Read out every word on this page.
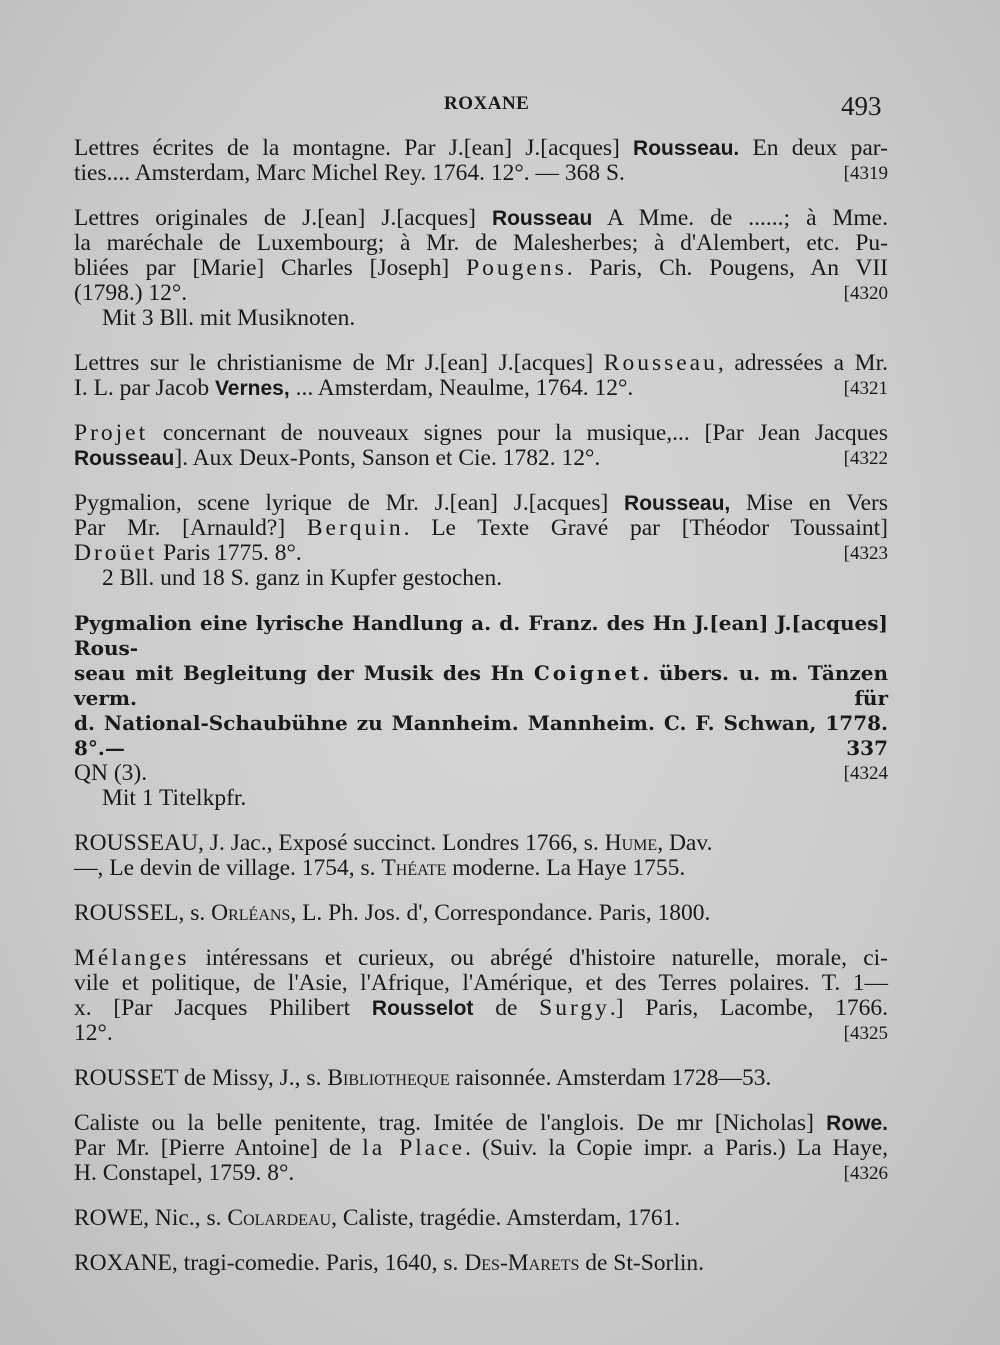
ROXANE	493
Lettres écrites de la montagne. Par J.[ean] J.[acques] Rousseau. En deux par-
ties.... Amsterdam, Marc Michel Rey. 1764. 12°. — 368 S.	[4319
Lettres originales de J.[ean] J.[acques] Rousseau A Mme. de ......; à Mme.
la maréchale de Luxembourg; à Mr. de Malesherbes; à d'Alembert, etc. Pu-
bliées par [Marie] Charles [Joseph] Pougens. Paris, Ch. Pougens, An VII
(1798.) 12°.	[4320
Mit 3 Bll. mit Musiknoten.
Lettres sur le christianisme de Mr J.[ean] J.[acques] Rousseau, adressées a Mr.
I. L. par Jacob Vernes, ... Amsterdam, Neaulme, 1764. 12°.	[4321
Projet concernant de nouveaux signes pour la musique,... [Par Jean Jacques
Rousseau]. Aux Deux-Ponts, Sanson et Cie. 1782. 12°.	[4322
Pygmalion, scene lyrique de Mr. J.[ean] J.[acques] Rousseau, Mise en Vers
Par Mr. [Arnauld?] Berquin. Le Texte Gravé par [Théodor Toussaint]
Droüet Paris 1775. 8°.	[4323
2 Bll. und 18 S. ganz in Kupfer gestochen.
Pygmalion eine lyrische Handlung a. d. Franz. des Hn J.[ean] J.[acques] Rous-
seau mit Begleitung der Musik des Hn Coignet. übers. u. m. Tänzen verm. für
d. National-Schaubühne zu Mannheim. Mannheim. C. F. Schwan, 1778. 8°.— 337
QN (3).	[4324
Mit 1 Titelkpfr.
ROUSSEAU, J. Jac., Exposé succinct. Londres 1766, s. Hume, Dav.
—, Le devin de village. 1754, s. Théate moderne. La Haye 1755.
ROUSSEL, s. Orléans, L. Ph. Jos. d', Correspondance. Paris, 1800.
Mélanges intéressans et curieux, ou abrégé d'histoire naturelle, morale, ci-
vile et politique, de l'Asie, l'Afrique, l'Amérique, et des Terres polaires. T. 1—
x. [Par Jacques Philibert Rousselot de Surgy.] Paris, Lacombe, 1766.
12°.	[4325
ROUSSET de Missy, J., s. Bibliotheque raisonnée. Amsterdam 1728—53.
Caliste ou la belle penitente, trag. Imitée de l'anglois. De mr [Nicholas] Rowe.
Par Mr. [Pierre Antoine] de la Place. (Suiv. la Copie impr. a Paris.) La Haye,
H. Constapel, 1759. 8°.	[4326
ROWE, Nic., s. Colardeau, Caliste, tragédie. Amsterdam, 1761.
ROXANE, tragi-comedie. Paris, 1640, s. Des-Marets de St-Sorlin.
